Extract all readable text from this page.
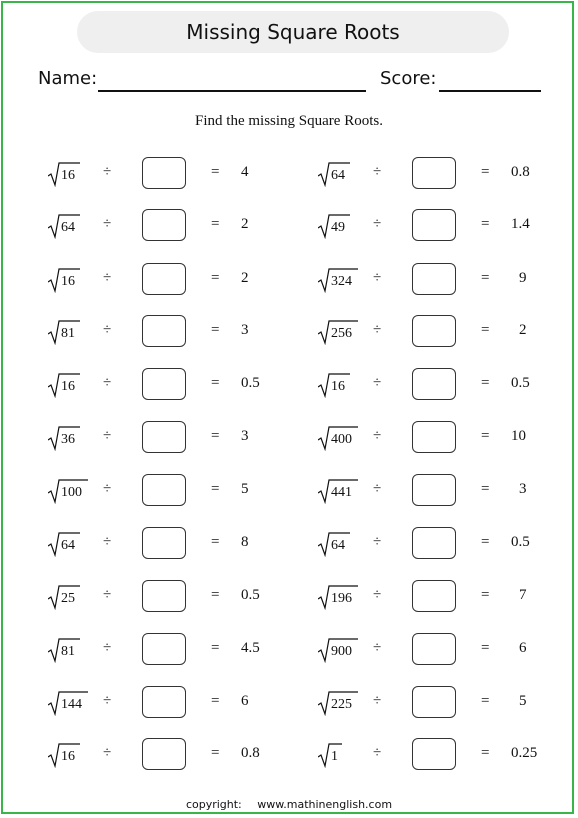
Missing Square Roots
Name:	Score:
Find the missing Square Roots.
16 ÷	= 4
64 ÷	= 2
16 ÷	= 2
81 ÷	= 3
16 ÷	= 0.5
36 ÷	= 3
100 ÷	= 5
64 ÷	= 8
25 ÷	= 0.5
81 ÷	= 4.5
144 ÷	= 6
16 ÷	= 0.8
64 ÷	= 0.8
49 ÷	= 1.4
324 ÷	= 9
256 ÷	= 2
16 ÷	= 0.5
400 ÷	= 10
441 ÷	= 3
64 ÷	= 0.5
196 ÷	= 7
900 ÷	= 6
225 ÷	= 5
1 ÷	= 0.25
copyright: www.mathinenglish.com
